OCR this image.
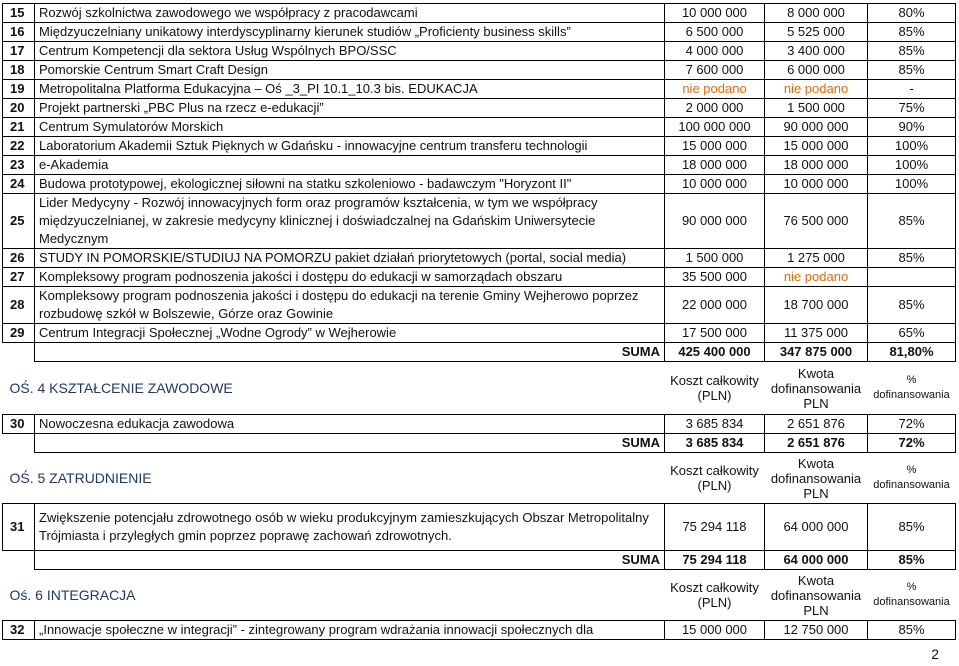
15	Rozwój szkolnictwa zawodowego we współpracy z pracodawcami	10 000 000	8 000 000	80%
16	Międzyuczelniany unikatowy interdyscyplinarny kierunek studiów „Proficienty business skills”	6 500 000	5 525 000	85%
17	Centrum Kompetencji dla sektora Usług Wspólnych BPO/SSC	4 000 000	3 400 000	85%
18	Pomorskie Centrum Smart Craft Design	7 600 000	6 000 000	85%
19	Metropolitalna Platforma Edukacyjna – Oś _3_PI 10.1_10.3 bis. EDUKACJA	nie podano	nie podano	-
20	Projekt partnerski „PBC Plus na rzecz e-edukacji”	2 000 000	1 500 000	75%
21	Centrum Symulatorów Morskich	100 000 000	90 000 000	90%
22	Laboratorium Akademii Sztuk Pięknych w Gdańsku - innowacyjne centrum transferu technologii	15 000 000	15 000 000	100%
23	e-Akademia	18 000 000	18 000 000	100%
24	Budowa prototypowej, ekologicznej siłowni na statku szkoleniowo - badawczym "Horyzont II"	10 000 000	10 000 000	100%
25	Lider Medycyny - Rozwój innowacyjnych form oraz programów kształcenia, w tym we współpracy międzyuczelnianej, w zakresie medycyny klinicznej i doświadczalnej na Gdańskim Uniwersytecie Medycznym	90 000 000	76 500 000	85%
26	STUDY IN POMORSKIE/STUDIUJ NA POMORZU pakiet działań priorytetowych (portal, social media)	1 500 000	1 275 000	85%
27	Kompleksowy program podnoszenia jakości i dostępu do edukacji w samorządach obszaru	35 500 000	nie podano	
28	Kompleksowy program podnoszenia jakości i dostępu do edukacji na terenie Gminy Wejherowo poprzez rozbudowę szkół w Bolszewie, Górze oraz Gowinie	22 000 000	18 700 000	85%
29	Centrum Integracji Społecznej „Wodne Ogrody” w Wejherowie	17 500 000	11 375 000	65%
	SUMA	425 400 000	347 875 000	81,80%
OŚ. 4 KSZTAŁCENIE ZAWODOWE		Koszt całkowity (PLN)	Kwota dofinansowania PLN	% dofinansowania
30	Nowoczesna edukacja zawodowa	3 685 834	2 651 876	72%
	SUMA	3 685 834	2 651 876	72%
OŚ. 5 ZATRUDNIENIE		Koszt całkowity (PLN)	Kwota dofinansowania PLN	% dofinansowania
31	Zwiększenie potencjału zdrowotnego osób w wieku produkcyjnym zamieszkujących Obszar Metropolitalny Trójmiasta i przyległych gmin poprzez poprawę zachowań zdrowotnych.	75 294 118	64 000 000	85%
	SUMA	75 294 118	64 000 000	85%
Oś. 6 INTEGRACJA		Koszt całkowity (PLN)	Kwota dofinansowania PLN	% dofinansowania
32	„Innowacje społeczne w integracji” - zintegrowany program wdrażania innowacji społecznych dla	15 000 000	12 750 000	85%
2
